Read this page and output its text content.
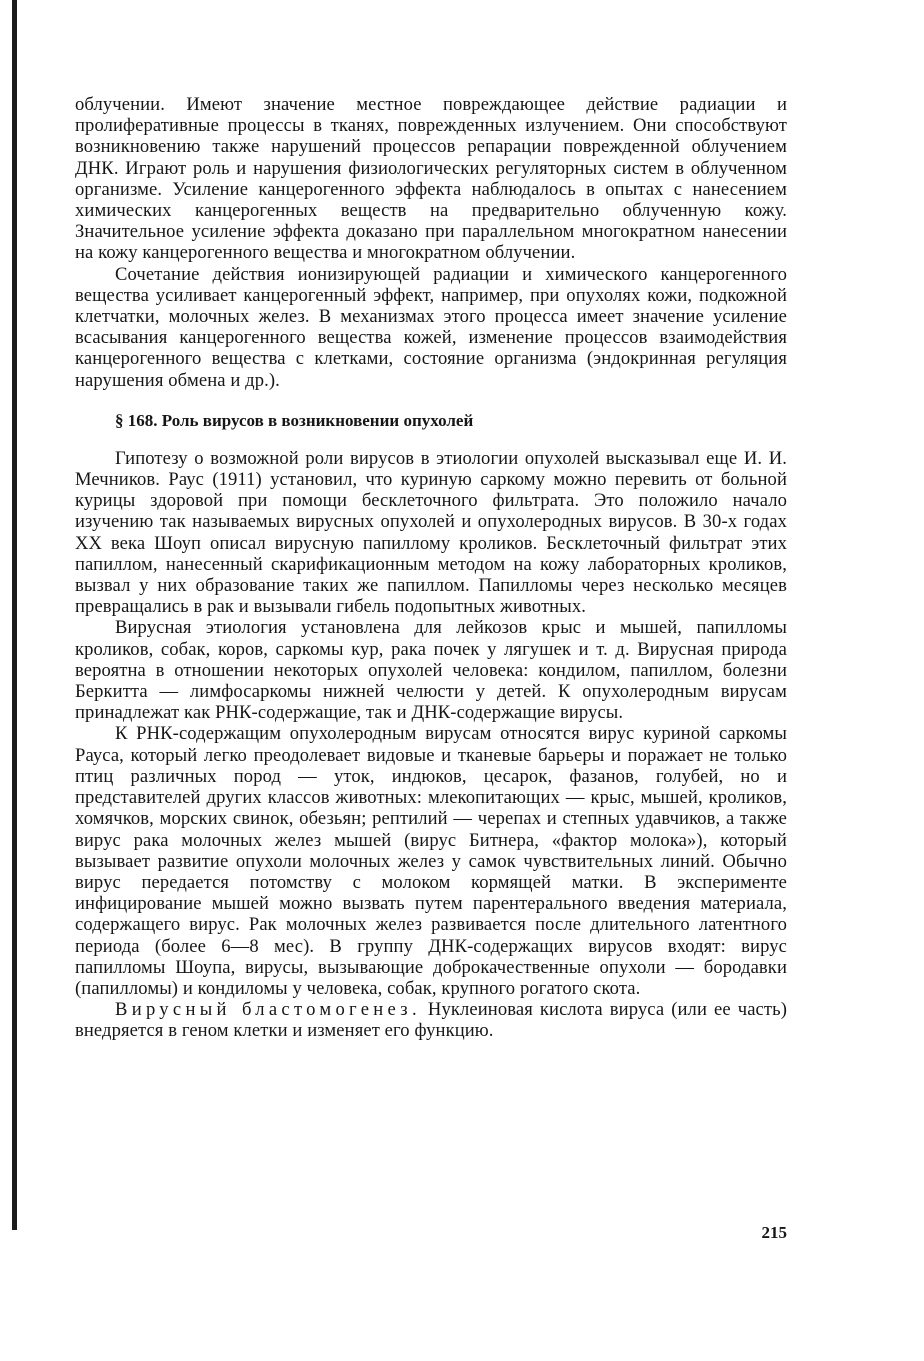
облучении. Имеют значение местное повреждающее действие радиации и пролиферативные процессы в тканях, поврежденных излучением. Они способствуют возникновению также нарушений процессов репарации поврежденной облучением ДНК. Играют роль и нарушения физиологических регуляторных систем в облученном организме. Усиление канцерогенного эффекта наблюдалось в опытах с нанесением химических канцерогенных веществ на предварительно облученную кожу. Значительное усиление эффекта доказано при параллельном многократном нанесении на кожу канцерогенного вещества и многократном облучении.

Сочетание действия ионизирующей радиации и химического канцерогенного вещества усиливает канцерогенный эффект, например, при опухолях кожи, подкожной клетчатки, молочных желез. В механизмах этого процесса имеет значение усиление всасывания канцерогенного вещества кожей, изменение процессов взаимодействия канцерогенного вещества с клетками, состояние организма (эндокринная регуляция нарушения обмена и др.).

§ 168. Роль вирусов в возникновении опухолей

Гипотезу о возможной роли вирусов в этиологии опухолей высказывал еще И. И. Мечников. Раус (1911) установил, что куриную саркому можно перевить от больной курицы здоровой при помощи бесклеточного фильтрата. Это положило начало изучению так называемых вирусных опухолей и опухолеродных вирусов. В 30-х годах XX века Шоуп описал вирусную папиллому кроликов. Бесклеточный фильтрат этих папиллом, нанесенный скарификационным методом на кожу лабораторных кроликов, вызвал у них образование таких же папиллом. Папилломы через несколько месяцев превращались в рак и вызывали гибель подопытных животных.

Вирусная этиология установлена для лейкозов крыс и мышей, папилломы кроликов, собак, коров, саркомы кур, рака почек у лягушек и т. д. Вирусная природа вероятна в отношении некоторых опухолей человека: кондилом, папиллом, болезни Беркитта — лимфосаркомы нижней челюсти у детей. К опухолеродным вирусам принадлежат как РНК-содержащие, так и ДНК-содержащие вирусы.

К РНК-содержащим опухолеродным вирусам относятся вирус куриной саркомы Рауса, который легко преодолевает видовые и тканевые барьеры и поражает не только птиц различных пород — уток, индюков, цесарок, фазанов, голубей, но и представителей других классов животных: млекопитающих — крыс, мышей, кроликов, хомячков, морских свинок, обезьян; рептилий — черепах и степных удавчиков, а также вирус рака молочных желез мышей (вирус Битнера, «фактор молока»), который вызывает развитие опухоли молочных желез у самок чувствительных линий. Обычно вирус передается потомству с молоком кормящей матки. В эксперименте инфицирование мышей можно вызвать путем парентерального введения материала, содержащего вирус. Рак молочных желез развивается после длительного латентного периода (более 6—8 мес). В группу ДНК-содержащих вирусов входят: вирус папилломы Шоупа, вирусы, вызывающие доброкачественные опухоли — бородавки (папилломы) и кондиломы у человека, собак, крупного рогатого скота.

Вирусный бластомогенез. Нуклеиновая кислота вируса (или ее часть) внедряется в геном клетки и изменяет его функцию.

215
